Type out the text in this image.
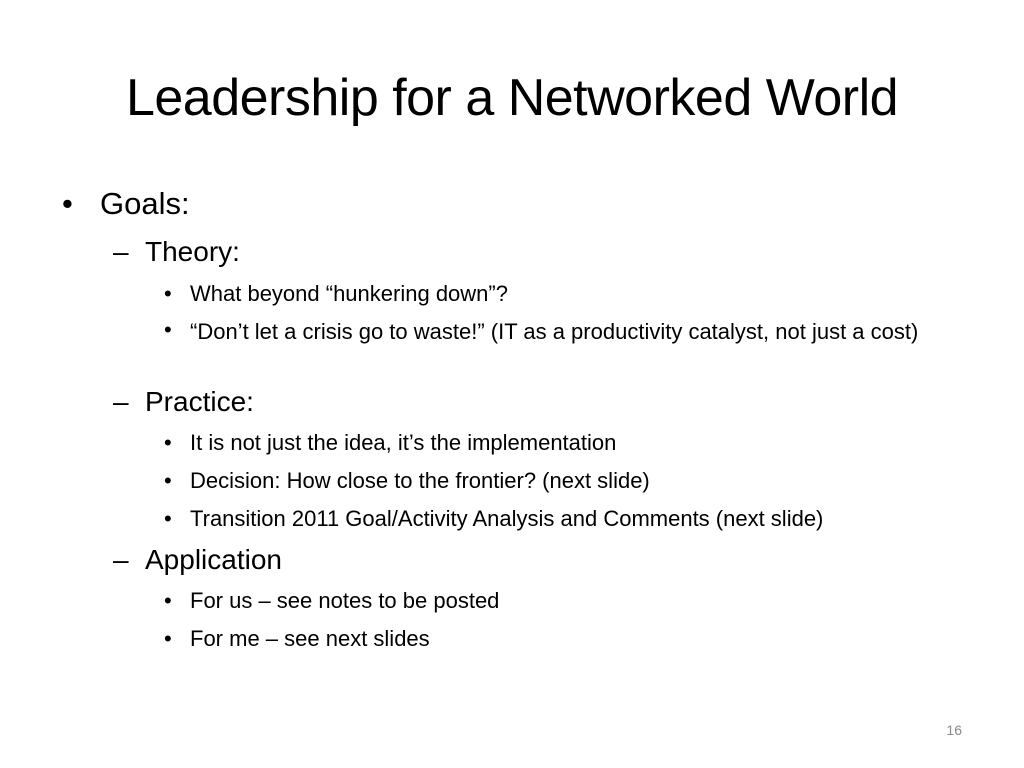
Leadership for a Networked World
• Goals:
– Theory:
• What beyond “hunkering down”?
• “Don’t let a crisis go to waste!” (IT as a productivity catalyst, not just a cost)
– Practice:
• It is not just the idea, it’s the implementation
• Decision: How close to the frontier? (next slide)
• Transition 2011 Goal/Activity Analysis and Comments (next slide)
– Application
• For us – see notes to be posted
• For me – see next slides
16
